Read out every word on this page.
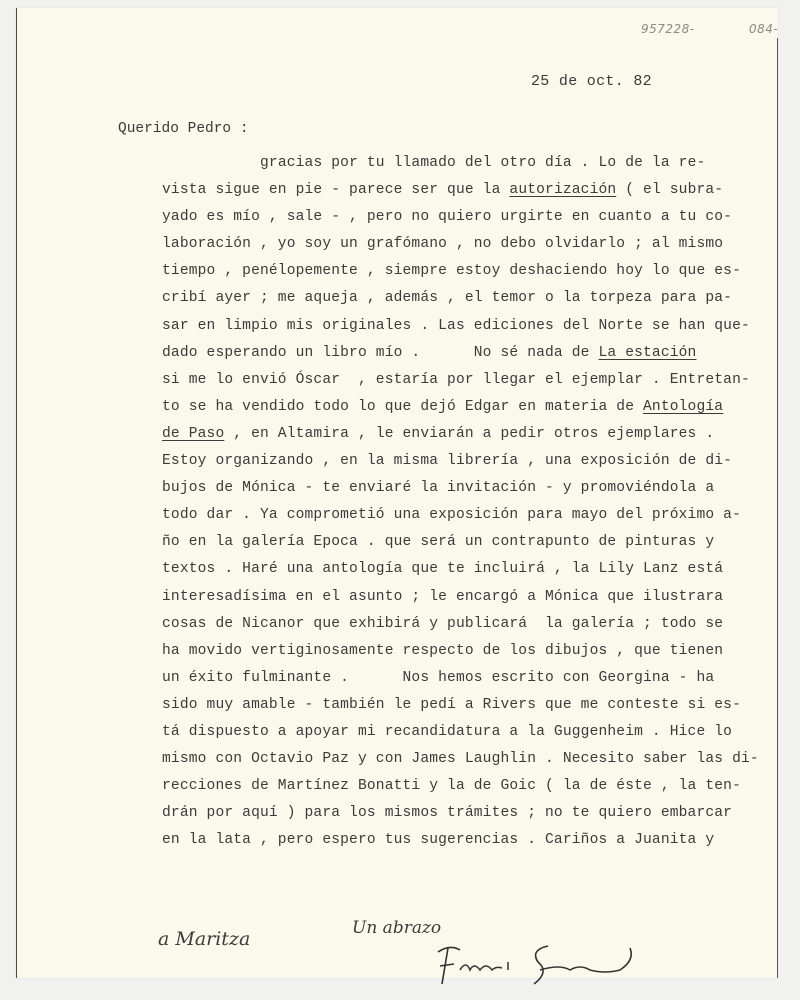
957228-	084-
25 de oct. 82
Querido Pedro :
gracias por tu llamado del otro día . Lo de la re-
vista sigue en pie - parece ser que la autorización ( el subra-
yado es mío , sale - , pero no quiero urgirte en cuanto a tu co-
laboración , yo soy un grafómano , no debo olvidarlo ; al mismo
tiempo , penélopemente , siempre estoy deshaciendo hoy lo que es-
cribí ayer ; me aqueja , además , el temor o la torpeza para pa-
sar en limpio mis originales . Las ediciones del Norte se han que-
dado esperando un libro mío .      No sé nada de La estación
si me lo envió Óscar  , estaría por llegar el ejemplar . Entretan-
to se ha vendido todo lo que dejó Edgar en materia de Antología
de Paso , en Altamira , le enviarán a pedir otros ejemplares .
Estoy organizando , en la misma librería , una exposición de di-
bujos de Mónica - te enviaré la invitación - y promoviéndola a
todo dar . Ya comprometió una exposición para mayo del próximo a-
ño en la galería Epoca . que será un contrapunto de pinturas y
textos . Haré una antología que te incluirá , la Lily Lanz está
interesadísima en el asunto ; le encargó a Mónica que ilustrara
cosas de Nicanor que exhibirá y publicará  la galería ; todo se
ha movido vertiginosamente respecto de los dibujos , que tienen
un éxito fulminante .      Nos hemos escrito con Georgina - ha
sido muy amable - también le pedí a Rivers que me conteste si es-
tá dispuesto a apoyar mi recandidatura a la Guggenheim . Hice lo
mismo con Octavio Paz y con James Laughlin . Necesito saber las di-
recciones de Martínez Bonatti y la de Goic ( la de éste , la ten-
drán por aquí ) para los mismos trámites ; no te quiero embarcar
en la lata , pero espero tus sugerencias . Cariños a Juanita y
a Maritza	Un abrazo
